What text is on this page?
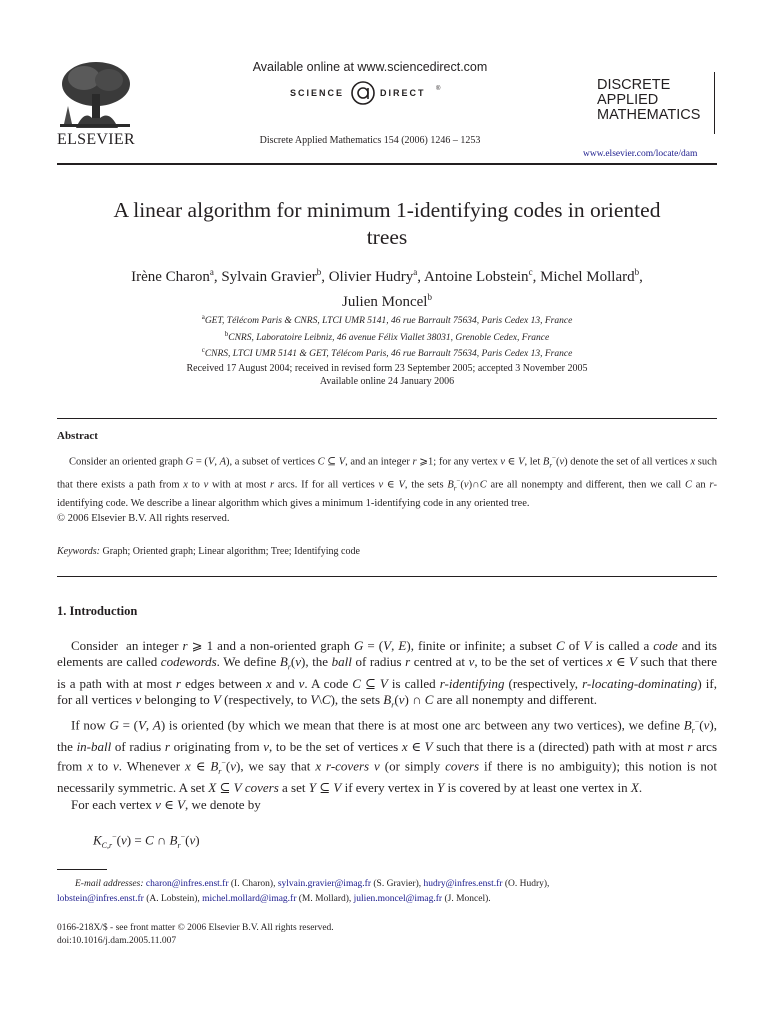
ELSEVIER
Available online at www.sciencedirect.com
SCIENCE	DIRECT ®
Discrete Applied Mathematics 154 (2006) 1246 – 1253
DISCRETE
APPLIED
MATHEMATICS
www.elsevier.com/locate/dam
A linear algorithm for minimum 1-identifying codes in oriented
trees
Irène Charon$^a$, Sylvain Gravier$^b$, Olivier Hudry$^a$, Antoine Lobstein$^c$, Michel Mollard$^b$,
Julien Moncel$^b$
$^a$GET, Télécom Paris & CNRS, LTCI UMR 5141, 46 rue Barrault 75634, Paris Cedex 13, France
$^b$CNRS, Laboratoire Leibniz, 46 avenue Félix Viallet 38031, Grenoble Cedex, France
$^c$CNRS, LTCI UMR 5141 & GET, Télécom Paris, 46 rue Barrault 75634, Paris Cedex 13, France
Received 17 August 2004; received in revised form 23 September 2005; accepted 3 November 2005
Available online 24 January 2006
Abstract
Consider an oriented graph G = (V, A), a subset of vertices C ⊆ V, and an integer r ⩾1; for any vertex v ∈ V, let $B_r^-(v)$ denote the set of all vertices x such that there exists a path from x to v with at most r arcs. If for all vertices v ∈ V, the sets $B_r^-(v)\cap C$ are all nonempty and different, then we call C an r-identifying code. We describe a linear algorithm which gives a minimum 1-identifying code in any oriented tree.
© 2006 Elsevier B.V. All rights reserved.
Keywords: Graph; Oriented graph; Linear algorithm; Tree; Identifying code
1. Introduction
Consider  an integer r ⩾ 1 and a non-oriented graph G = (V, E), finite or infinite; a subset C of V is called a code and its elements are called codewords. We define $B_r(v)$, the ball of radius r centred at v, to be the set of vertices x ∈ V such that there is a path with at most r edges between x and v. A code C ⊆ V is called r-identifying (respectively, r-locating-dominating) if, for all vertices v belonging to V (respectively, to V\C), the sets $B_r(v)$ ∩ C are all nonempty and different.
If now G = (V, A) is oriented (by which we mean that there is at most one arc between any two vertices), we define $B_r^-(v)$, the in-ball of radius r originating from v, to be the set of vertices x ∈ V such that there is a (directed) path with at most r arcs from x to v. Whenever x ∈ $B_r^-(v)$, we say that x r-covers v (or simply covers if there is no ambiguity); this notion is not necessarily symmetric. A set X ⊆ V covers a set Y ⊆ V if every vertex in Y is covered by at least one vertex in X.
For each vertex v ∈ V, we denote by
$K_{C,r}^-(v) = C$ ∩ $B_r^-(v)$
E-mail addresses: charon@infres.enst.fr (I. Charon), sylvain.gravier@imag.fr (S. Gravier), hudry@infres.enst.fr (O. Hudry),
lobstein@infres.enst.fr (A. Lobstein), michel.mollard@imag.fr (M. Mollard), julien.moncel@imag.fr (J. Moncel).
0166-218X/$ - see front matter © 2006 Elsevier B.V. All rights reserved.
doi:10.1016/j.dam.2005.11.007
